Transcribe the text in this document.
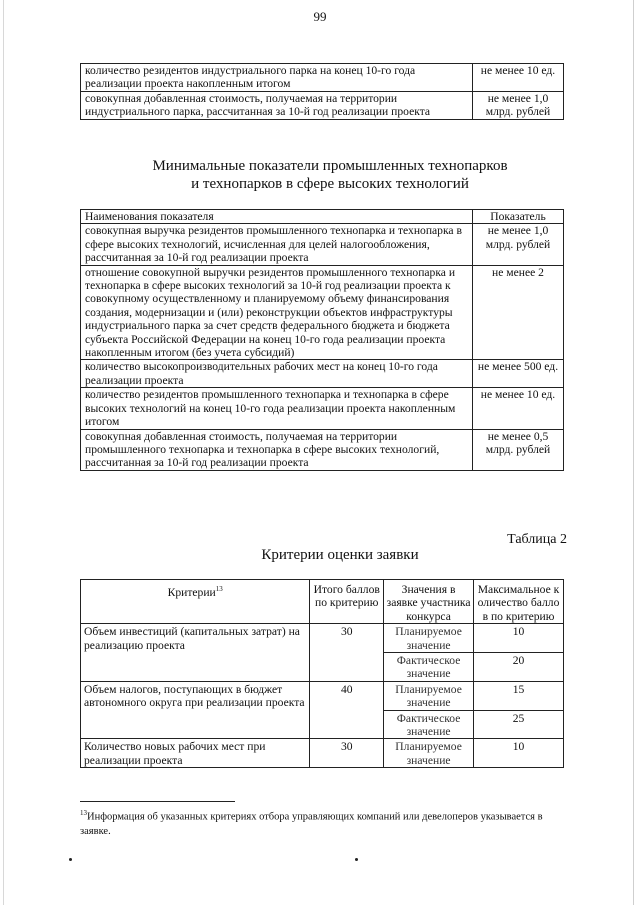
99
количество резидентов индустриального парка на конец 10-го года реализации проекта накопленным итогом	не менее 10 ед.
совокупная добавленная стоимость, получаемая на территории индустриального парка, рассчитанная за 10-й год реализации проекта	не менее 1,0 млрд. рублей
Минимальные показатели промышленных технопарков
и технопарков в сфере высоких технологий
Наименования показателя	Показатель
совокупная выручка резидентов промышленного технопарка и технопарка в сфере высоких технологий, исчисленная для целей налогообложения, рассчитанная за 10-й год реализации проекта	не менее 1,0 млрд. рублей
отношение совокупной выручки резидентов промышленного технопарка и технопарка в сфере высоких технологий за 10-й год реализации проекта к совокупному осуществленному и планируемому объему финансирования создания, модернизации и (или) реконструкции объектов инфраструктуры индустриального парка за счет средств федерального бюджета и бюджета субъекта Российской Федерации на конец 10-го года реализации проекта накопленным итогом (без учета субсидий)	не менее 2
количество высокопроизводительных рабочих мест на конец 10-го года реализации проекта	не менее 500 ед.
количество резидентов промышленного технопарка и технопарка в сфере высоких технологий на конец 10-го года реализации проекта накопленным итогом	не менее 10 ед.
совокупная добавленная стоимость, получаемая на территории промышленного технопарка и технопарка в сфере высоких технологий, рассчитанная за 10-й год реализации проекта	не менее 0,5 млрд. рублей
Таблица 2
Критерии оценки заявки
Критерии$^{13}$	Итого баллов по критерию	Значения в заявке участника конкурса	Максимальное количество баллов по критерию
Объем инвестиций (капитальных затрат) на реализацию проекта	30	Планируемое значение	10
		Фактическое значение	20
Объем налогов, поступающих в бюджет автономного округа при реализации проекта	40	Планируемое значение	15
		Фактическое значение	25
Количество новых рабочих мест при реализации проекта	30	Планируемое значение	10
$^{13}$Информация об указанных критериях отбора управляющих компаний или девелоперов указывается в заявке.
